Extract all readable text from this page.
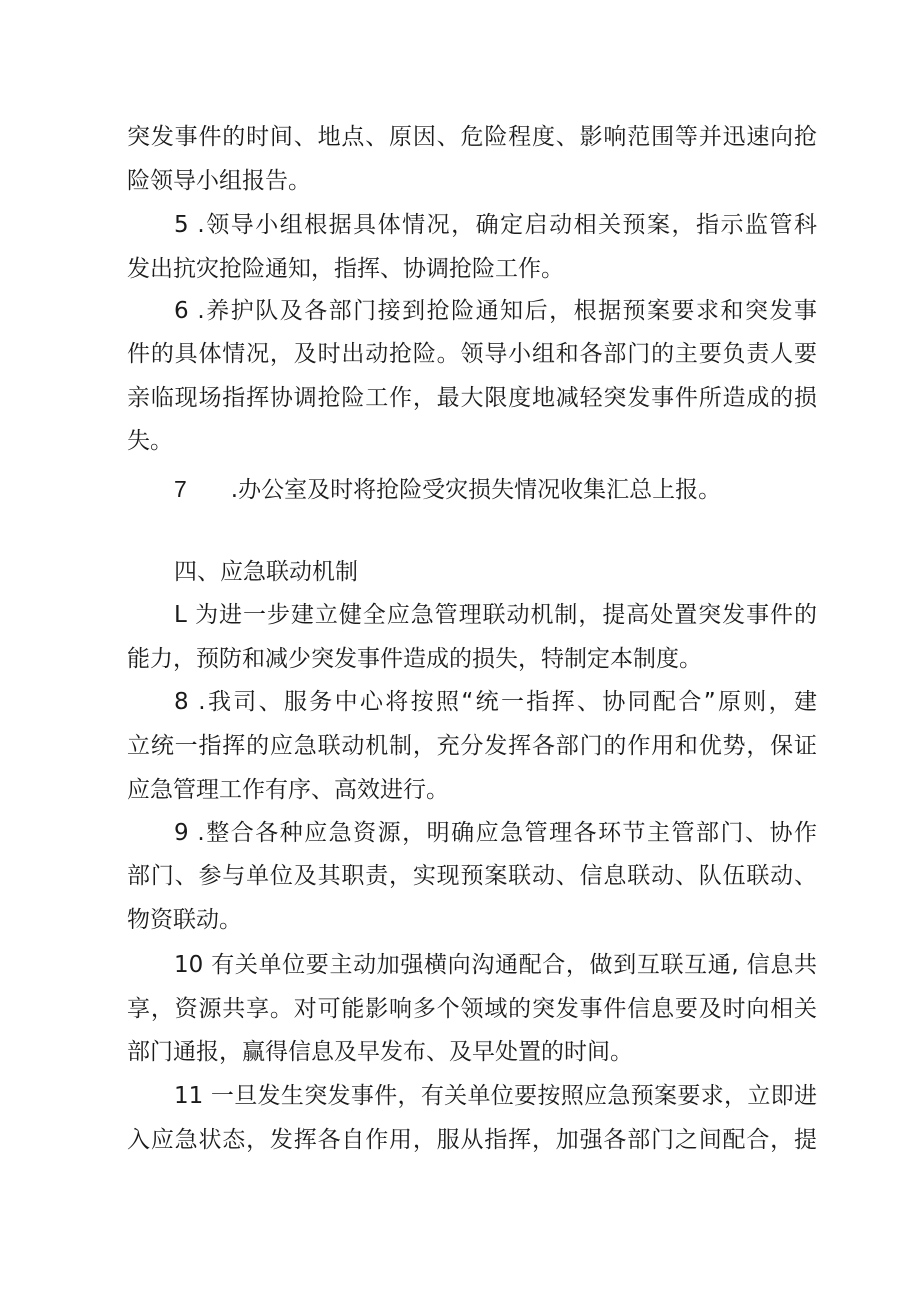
突发事件的时间、地点、原因、危险程度、影响范围等并迅速向抢
险领导小组报告。
5 .领导小组根据具体情况，确定启动相关预案，指示监管科
发出抗灾抢险通知，指挥、协调抢险工作。
6 .养护队及各部门接到抢险通知后，根据预案要求和突发事
件的具体情况，及时出动抢险。领导小组和各部门的主要负责人要
亲临现场指挥协调抢险工作，最大限度地减轻突发事件所造成的损
失。
7 .办公室及时将抢险受灾损失情况收集汇总上报。
四、应急联动机制
L 为进一步建立健全应急管理联动机制，提高处置突发事件的
能力，预防和减少突发事件造成的损失，特制定本制度。
8 .我司、服务中心将按照“统一指挥、协同配合”原则，建
立统一指挥的应急联动机制，充分发挥各部门的作用和优势，保证
应急管理工作有序、高效进行。
9 .整合各种应急资源，明确应急管理各环节主管部门、协作
部门、参与单位及其职责，实现预案联动、信息联动、队伍联动、
物资联动。
10 有关单位要主动加强横向沟通配合，做到互联互通, 信息共
享，资源共享。对可能影响多个领域的突发事件信息要及时向相关
部门通报，赢得信息及早发布、及早处置的时间。
11 一旦发生突发事件，有关单位要按照应急预案要求，立即进
入应急状态，发挥各自作用，服从指挥，加强各部门之间配合，提
